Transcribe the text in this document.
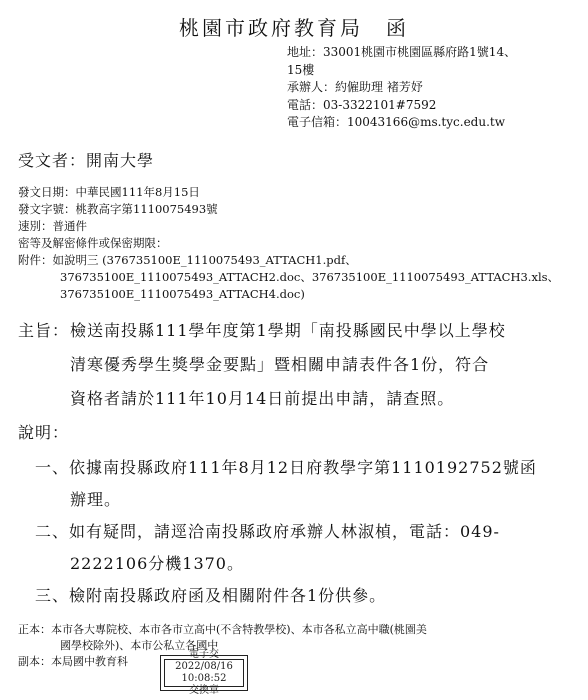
桃園市政府教育局　函
地址：33001桃園市桃園區縣府路1號14、
15樓
承辦人：約僱助理 褚芳妤
電話：03-3322101#7592
電子信箱：10043166@ms.tyc.edu.tw
受文者：開南大學
發文日期：中華民國111年8月15日
發文字號：桃教高字第1110075493號
速別：普通件
密等及解密條件或保密期限：
附件：如說明三 (376735100E_1110075493_ATTACH1.pdf、
376735100E_1110075493_ATTACH2.doc、376735100E_1110075493_ATTACH3.xls、
376735100E_1110075493_ATTACH4.doc)
主旨： 檢送南投縣111學年度第1學期「南投縣國民中學以上學校
清寒優秀學生獎學金要點」暨相關申請表件各1份，符合
資格者請於111年10月14日前提出申請，請查照。
說明：
一、依據南投縣政府111年8月12日府教學字第1110192752號函
辦理。
二、如有疑問，請逕洽南投縣政府承辦人林淑楨，電話：049-
2222106分機1370。
三、檢附南投縣政府函及相關附件各1份供參。
正本：本市各大專院校、本市各市立高中(不含特教學校)、本市各私立高中職(桃園美
國學校除外)、本市公私立各國中
副本：本局國中教育科
電子交
2022/08/16
10:08:52
交換章
